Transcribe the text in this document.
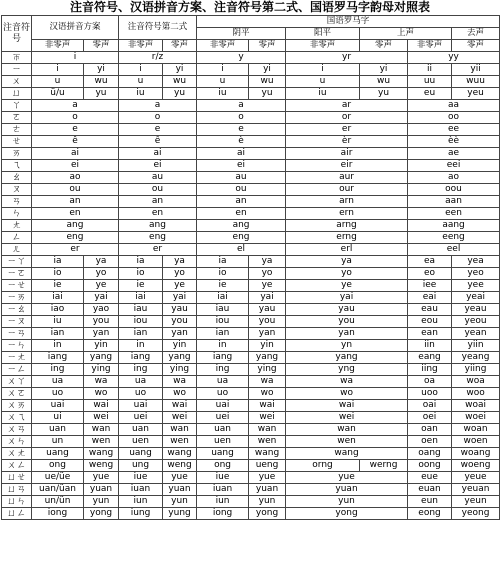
注音符号、汉语拼音方案、注音符号第二式、国语罗马字韵母对照表
注音符号	汉语拼音方案		注音符号第二式		国语罗马字						
					阴平		阳平	上声		去声	
	非零声	零声	非零声	零声	非零声	零声	非零声	零声	非零声	零声	
ㄭ	i		r/z		y		yr		yy	
ㄧ	i	yi	i	yi	i	yi	i	yi	ii	yii		
ㄨ	u	wu	u	wu	u	wu	u	wu	uu	wuu		
ㄩ	ü/u	yu	iu	yu	iu	yu	iu	yu	eu	yeu		
ㄚ	a		a		a		ar		aa	
ㄛ	o		o		o		or		oo	
ㄜ	e		e		e		er		ee	
ㄝ	ê		ê		è		èr		èè	
ㄞ	ai		ai		ai		air		ae	
ㄟ	ei		ei		ei		eir		eei	
ㄠ	ao		au		au		aur		ao	
ㄡ	ou		ou		ou		our		oou	
ㄢ	an		an		an		arn		aan	
ㄣ	en		en		en		ern		een	
ㄤ	ang		ang		ang		arng		aang	
ㄥ	eng		eng		eng		erng		eeng	
ㄦ	er		er		el		erl		eel	
ㄧㄚ	ia	ya	ia	ya	ia	ya	ya		ea	yea		
ㄧㄛ	io	yo	io	yo	io	yo	yo		eo	yeo		
ㄧㄝ	ie	ye	ie	ye	ie	ye	ye		iee	yee		
ㄧㄞ	iai	yai	iai	yai	iai	yai	yai		eai	yeai		
ㄧㄠ	iao	yao	iau	yau	iau	yau	yau		eau	yeau		
ㄧㄡ	iu	you	iou	you	iou	you	you		eou	yeou		
ㄧㄢ	ian	yan	ian	yan	ian	yan	yan		ean	yean		
ㄧㄣ	in	yin	in	yin	in	yin	yn		iin	yiin		
ㄧㄤ	iang	yang	iang	yang	iang	yang	yang		eang	yeang		
ㄧㄥ	ing	ying	ing	ying	ing	ying	yng		iing	yiing		
ㄨㄚ	ua	wa	ua	wa	ua	wa	wa		oa	woa		
ㄨㄛ	uo	wo	uo	wo	uo	wo	wo		uoo	woo		
ㄨㄞ	uai	wai	uai	wai	uai	wai	wai		oai	woai		
ㄨㄟ	ui	wei	uei	wei	uei	wei	wei		oei	woei		
ㄨㄢ	uan	wan	uan	wan	uan	wan	wan		oan	woan		
ㄨㄣ	un	wen	uen	wen	uen	wen	wen		oen	woen		
ㄨㄤ	uang	wang	uang	wang	uang	wang	wang		oang	woang		
ㄨㄥ	ong	weng	ung	weng	ong	ueng	orng	werng	oong	woeng		
ㄩㄝ	ue/üe	yue	iue	yue	iue	yue	yue		eue	yeue		
ㄩㄢ	uan/üan	yuan	iuan	yuan	iuan	yuan	yuan		euan	yeuan		
ㄩㄣ	un/ün	yun	iun	yun	iun	yun	yun		eun	yeun		
ㄩㄥ	iong	yong	iung	yung	iong	yong	yong		eong	yeong		
